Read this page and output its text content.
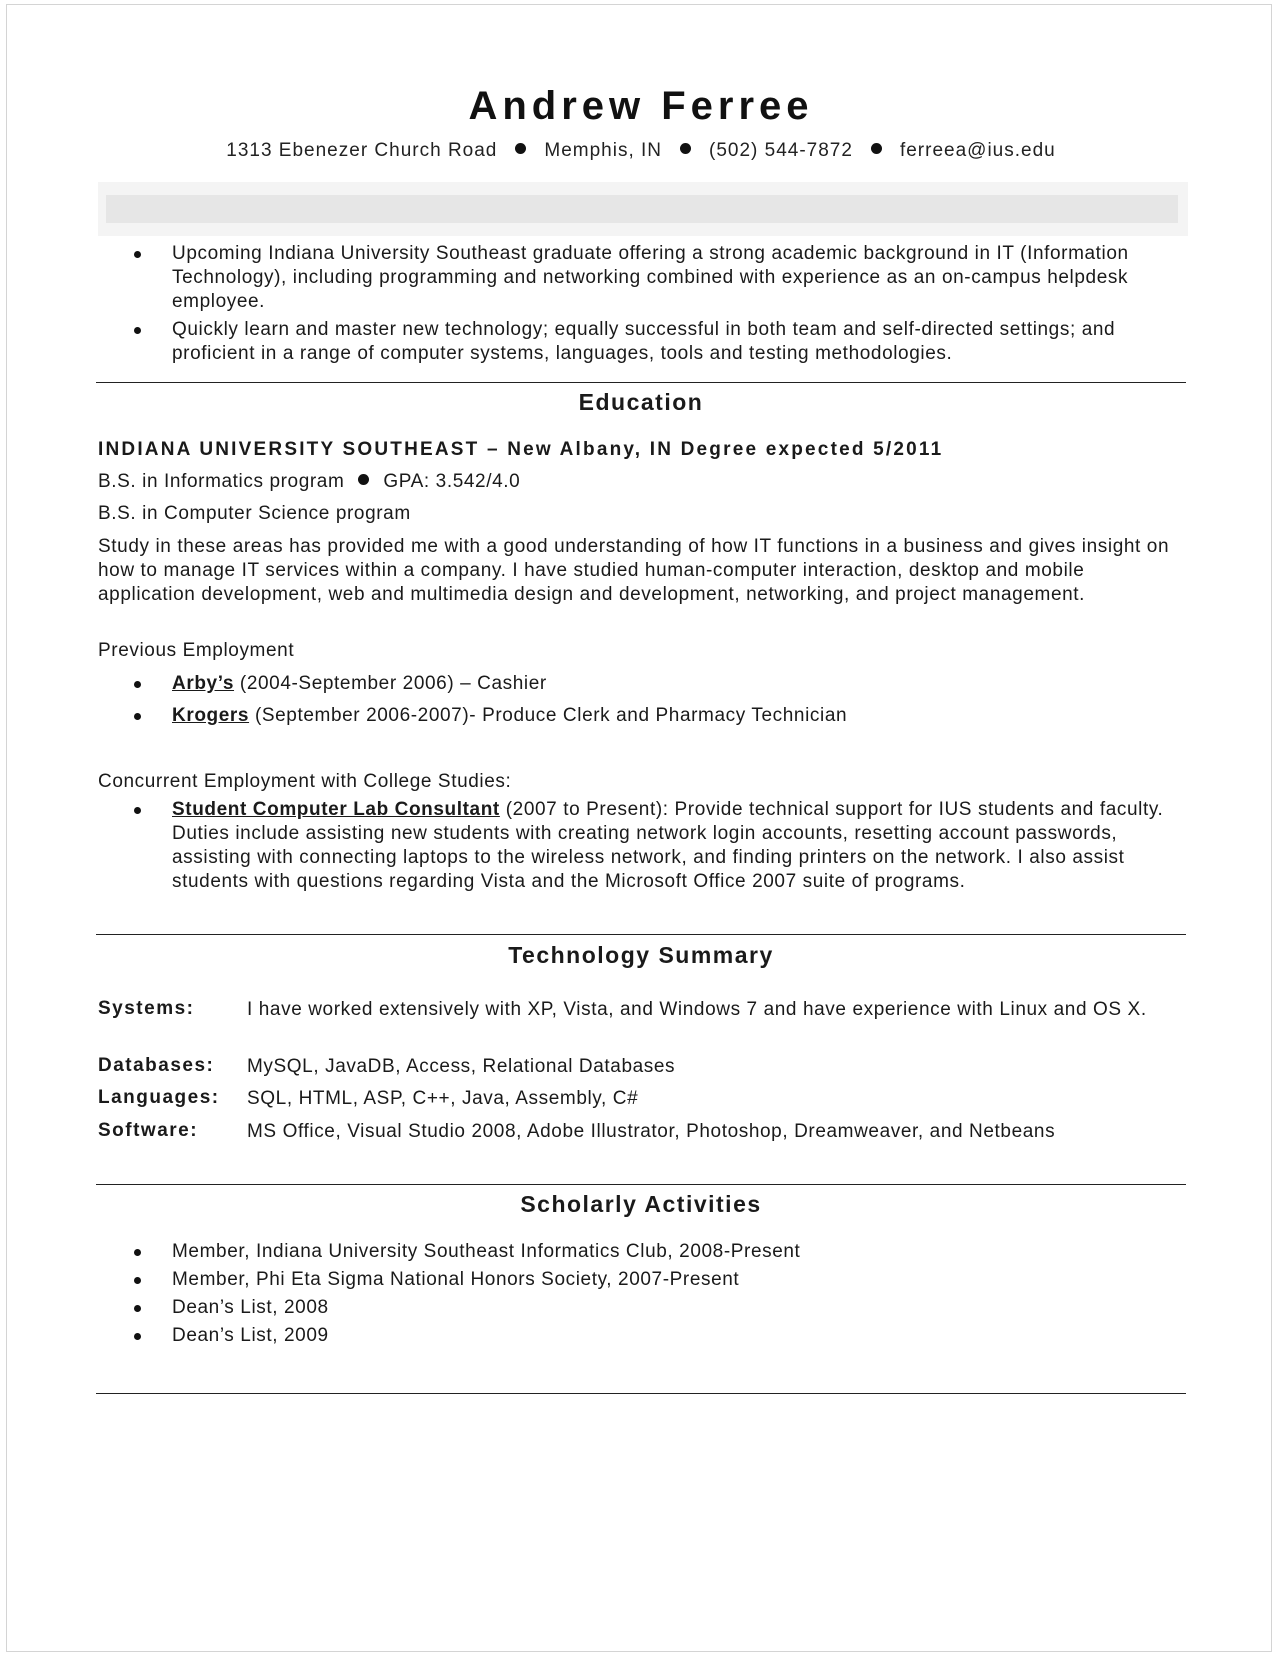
Andrew Ferree
1313 Ebenezer Church Road Memphis, IN (502) 544-7872 ferreea@ius.edu
Upcoming Indiana University Southeast graduate offering a strong academic background in IT (Information Technology), including programming and networking combined with experience as an on-campus helpdesk employee.
Quickly learn and master new technology; equally successful in both team and self-directed settings; and proficient in a range of computer systems, languages, tools and testing methodologies.
Education
INDIANA UNIVERSITY SOUTHEAST – New Albany, IN Degree expected 5/2011
B.S. in Informatics program GPA: 3.542/4.0
B.S. in Computer Science program
Study in these areas has provided me with a good understanding of how IT functions in a business and gives insight on how to manage IT services within a company. I have studied human-computer interaction, desktop and mobile application development, web and multimedia design and development, networking, and project management.
Previous Employment
Arby’s (2004-September 2006) – Cashier
Krogers (September 2006-2007)- Produce Clerk and Pharmacy Technician
Concurrent Employment with College Studies:
Student Computer Lab Consultant (2007 to Present): Provide technical support for IUS students and faculty. Duties include assisting new students with creating network login accounts, resetting account passwords, assisting with connecting laptops to the wireless network, and finding printers on the network. I also assist students with questions regarding Vista and the Microsoft Office 2007 suite of programs.
Technology Summary
Systems:	I have worked extensively with XP, Vista, and Windows 7 and have experience with Linux and OS X.
Databases: MySQL, JavaDB, Access, Relational Databases
Languages: SQL, HTML, ASP, C++, Java, Assembly, C#
Software:	MS Office, Visual Studio 2008, Adobe Illustrator, Photoshop, Dreamweaver, and Netbeans
Scholarly Activities
Member, Indiana University Southeast Informatics Club, 2008-Present
Member, Phi Eta Sigma National Honors Society, 2007-Present
Dean’s List, 2008
Dean’s List, 2009
